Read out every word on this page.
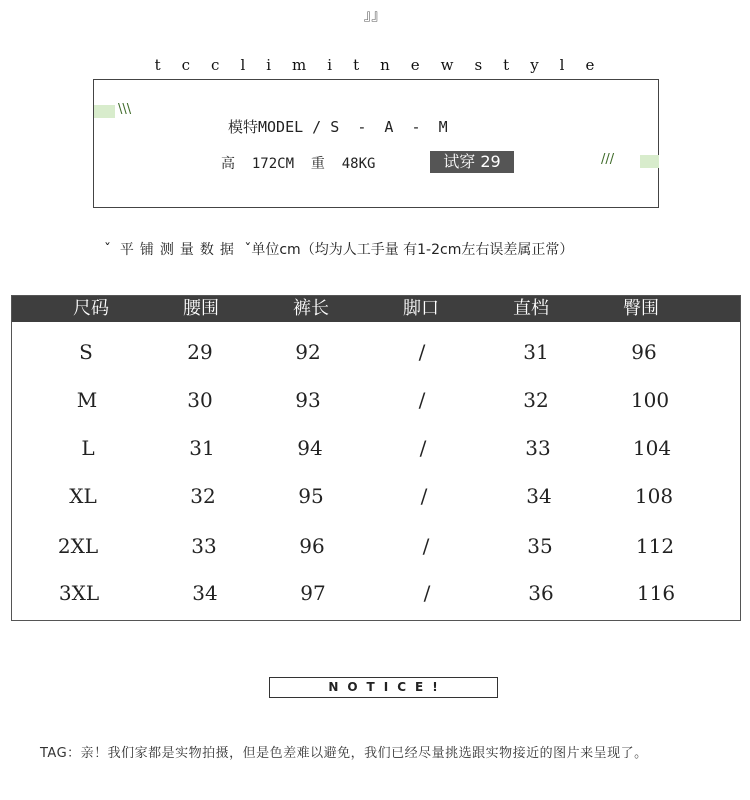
』』
tcclimitnewstyle
\\\
///
模特MODEL / S  -  A  -  M
高 172CM 重 48KG	试穿 29
ˇ 平铺测量数据 ˇ单位cm（均为人工手量 有1-2cm左右误差属正常）
尺码	腰围	裤长	脚口	直档	臀围
S	29	92	/	31	96
M	30	93	/	32	100
L	31	94	/	33	104
XL	32	95	/	34	108
2XL	33	96	/	35	112
3XL	34	97	/	36	116
NOTICE!
TAG：亲！我们家都是实物拍摄，但是色差难以避免，我们已经尽量挑选跟实物接近的图片来呈现了。
